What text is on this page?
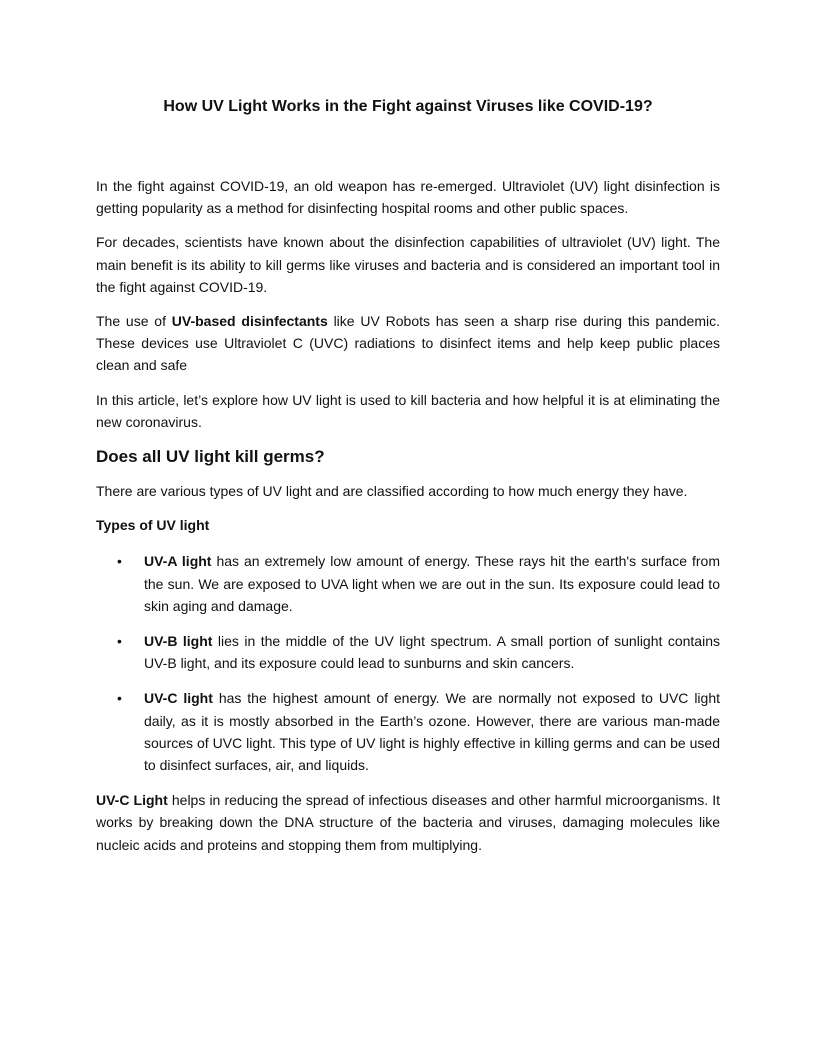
How UV Light Works in the Fight against Viruses like COVID-19?

In the fight against COVID-19, an old weapon has re-emerged. Ultraviolet (UV) light disinfection is getting popularity as a method for disinfecting hospital rooms and other public spaces.

For decades, scientists have known about the disinfection capabilities of ultraviolet (UV) light. The main benefit is its ability to kill germs like viruses and bacteria and is considered an important tool in the fight against COVID-19.

The use of UV-based disinfectants like UV Robots has seen a sharp rise during this pandemic. These devices use Ultraviolet C (UVC) radiations to disinfect items and help keep public places clean and safe

In this article, let’s explore how UV light is used to kill bacteria and how helpful it is at eliminating the new coronavirus.

Does all UV light kill germs?

There are various types of UV light and are classified according to how much energy they have.

Types of UV light

• UV-A light has an extremely low amount of energy. These rays hit the earth's surface from the sun. We are exposed to UVA light when we are out in the sun. Its exposure could lead to skin aging and damage.
• UV-B light lies in the middle of the UV light spectrum. A small portion of sunlight contains UV-B light, and its exposure could lead to sunburns and skin cancers.
• UV-C light has the highest amount of energy. We are normally not exposed to UVC light daily, as it is mostly absorbed in the Earth’s ozone. However, there are various man-made sources of UVC light. This type of UV light is highly effective in killing germs and can be used to disinfect surfaces, air, and liquids.

UV-C Light helps in reducing the spread of infectious diseases and other harmful microorganisms. It works by breaking down the DNA structure of the bacteria and viruses, damaging molecules like nucleic acids and proteins and stopping them from multiplying.
